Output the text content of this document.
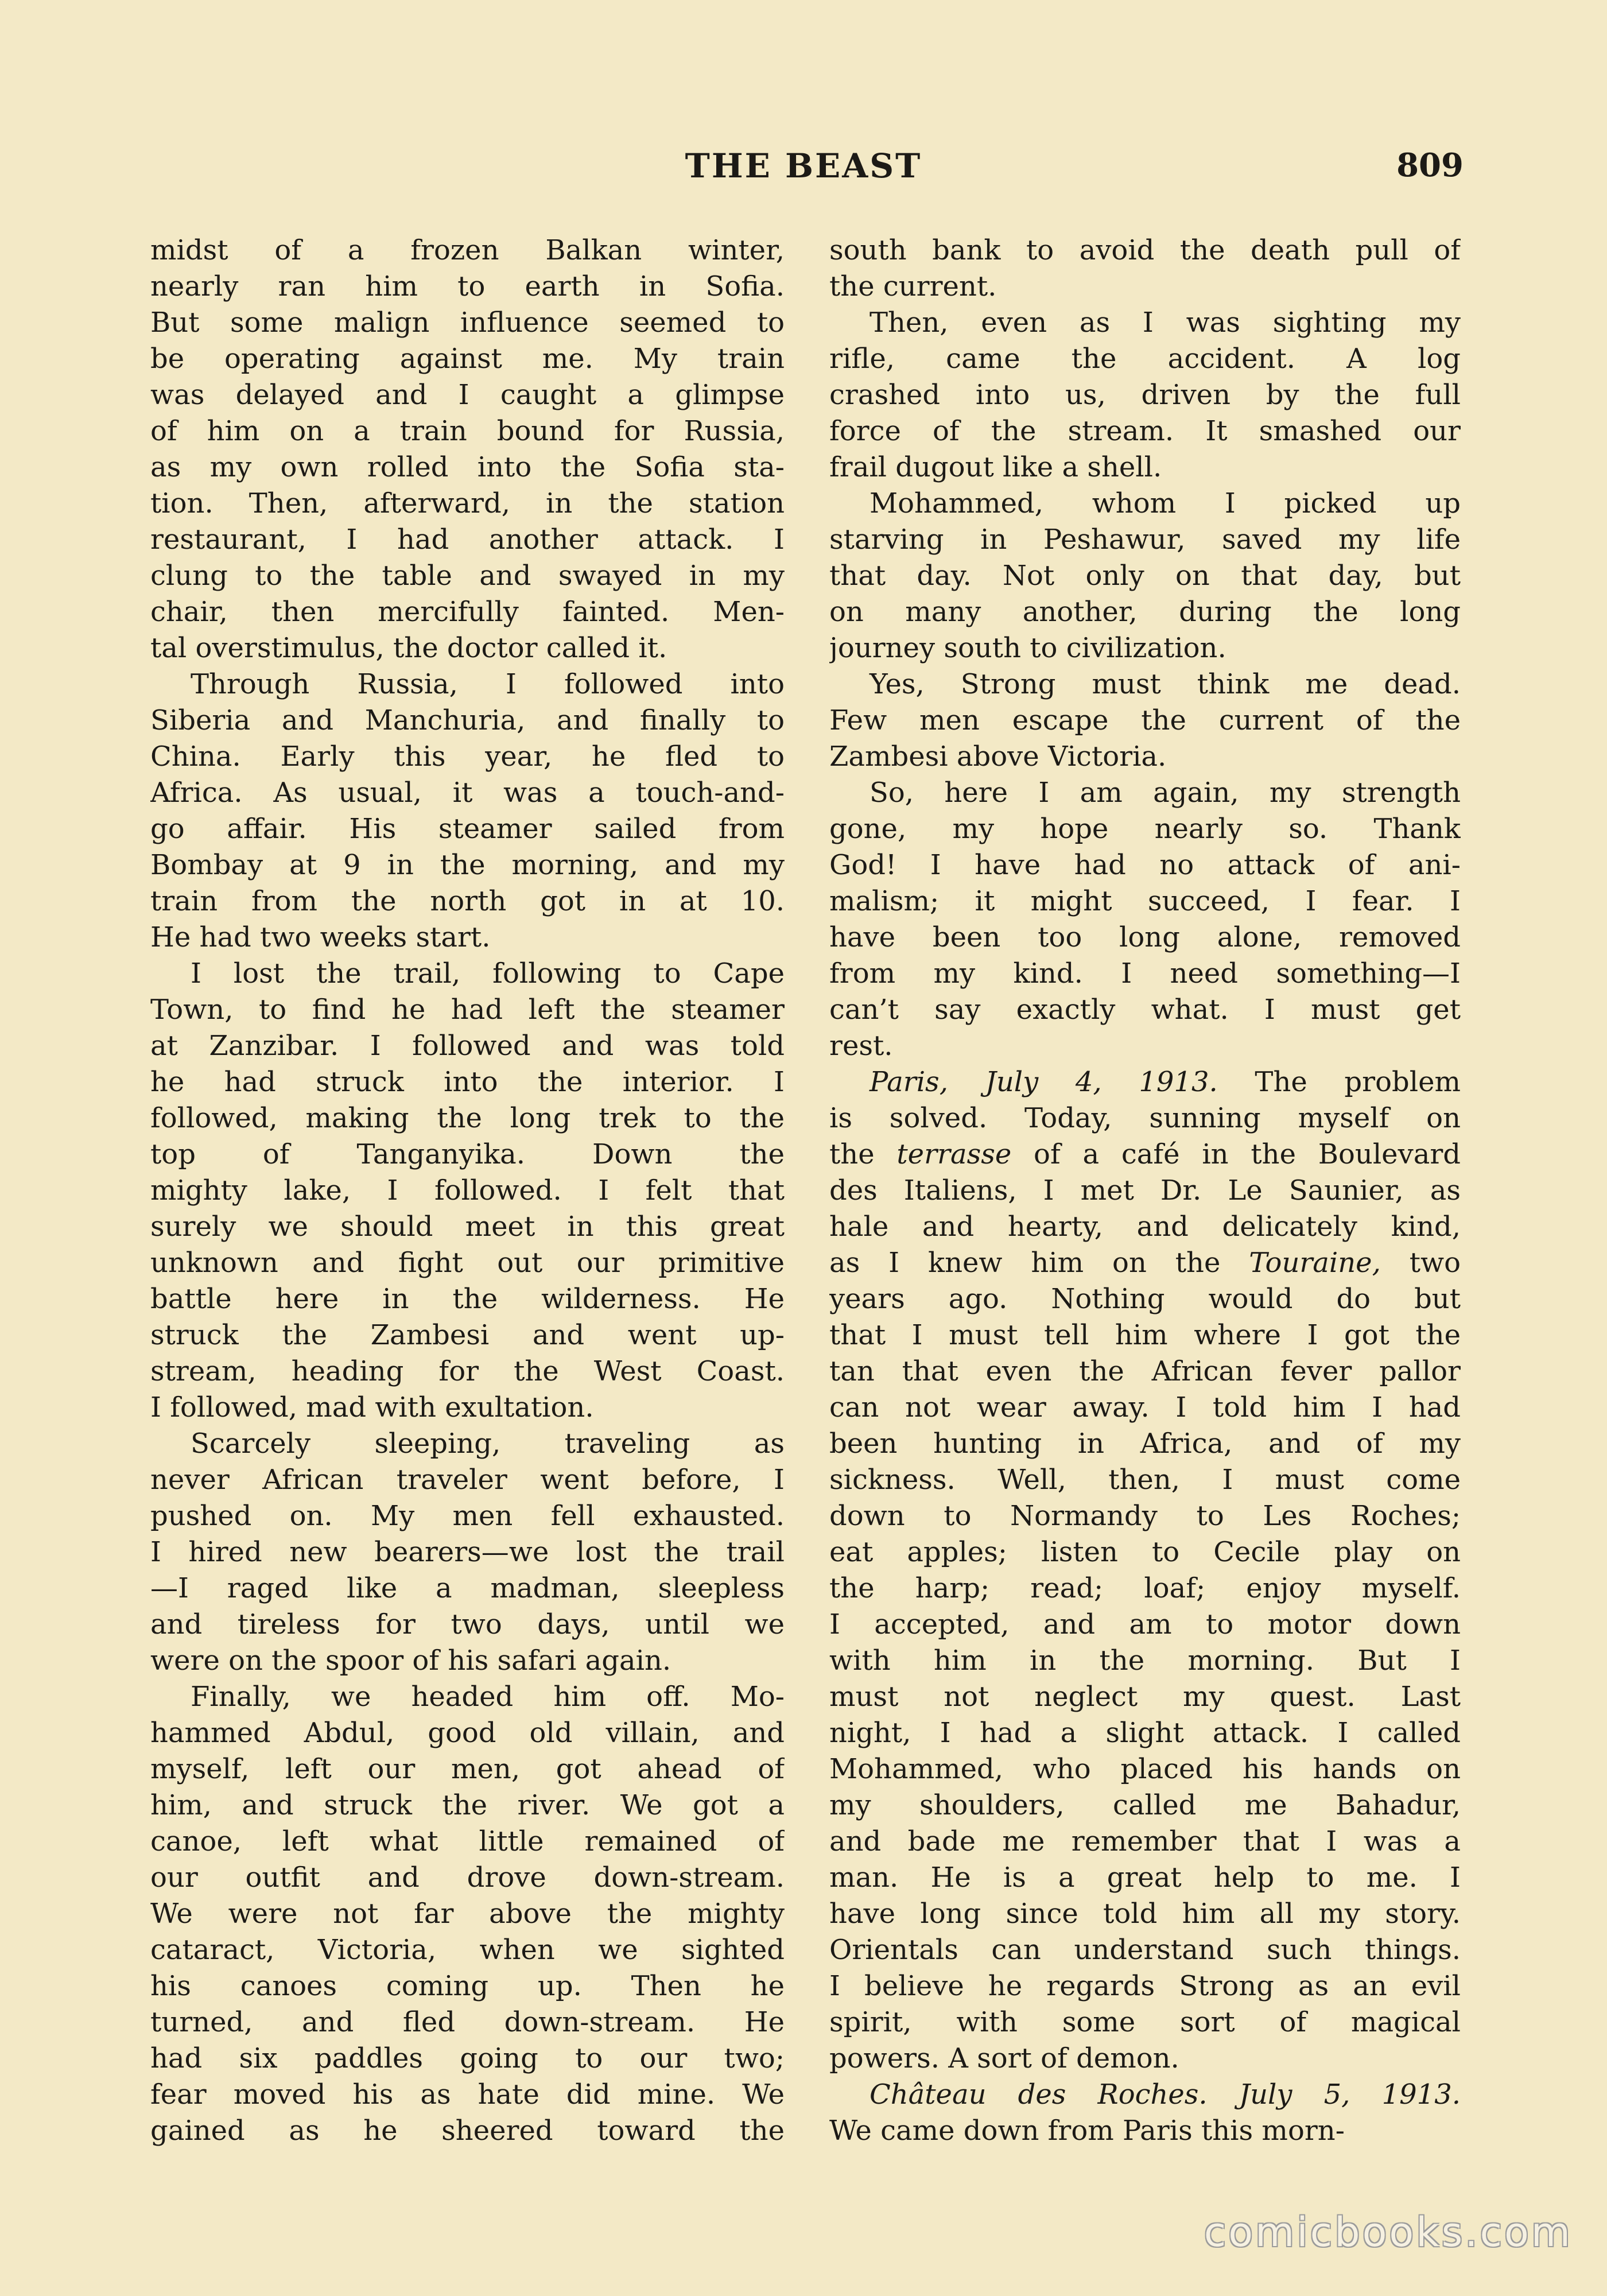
THE BEAST	809
midst of a frozen Balkan winter,
nearly ran him to earth in Sofia.
But some malign influence seemed to
be operating against me. My train
was delayed and I caught a glimpse
of him on a train bound for Russia,
as my own rolled into the Sofia sta-
tion. Then, afterward, in the station
restaurant, I had another attack. I
clung to the table and swayed in my
chair, then mercifully fainted. Men-
tal overstimulus, the doctor called it.
Through Russia, I followed into
Siberia and Manchuria, and finally to
China. Early this year, he fled to
Africa. As usual, it was a touch-and-
go affair. His steamer sailed from
Bombay at 9 in the morning, and my
train from the north got in at 10.
He had two weeks start.
I lost the trail, following to Cape
Town, to find he had left the steamer
at Zanzibar. I followed and was told
he had struck into the interior. I
followed, making the long trek to the
top of Tanganyika. Down the
mighty lake, I followed. I felt that
surely we should meet in this great
unknown and fight out our primitive
battle here in the wilderness. He
struck the Zambesi and went up-
stream, heading for the West Coast.
I followed, mad with exultation.
Scarcely sleeping, traveling as
never African traveler went before, I
pushed on. My men fell exhausted.
I hired new bearers—we lost the trail
—I raged like a madman, sleepless
and tireless for two days, until we
were on the spoor of his safari again.
Finally, we headed him off. Mo-
hammed Abdul, good old villain, and
myself, left our men, got ahead of
him, and struck the river. We got a
canoe, left what little remained of
our outfit and drove down-stream.
We were not far above the mighty
cataract, Victoria, when we sighted
his canoes coming up. Then he
turned, and fled down-stream. He
had six paddles going to our two;
fear moved his as hate did mine. We
gained as he sheered toward the
south bank to avoid the death pull of
the current.
Then, even as I was sighting my
rifle, came the accident. A log
crashed into us, driven by the full
force of the stream. It smashed our
frail dugout like a shell.
Mohammed, whom I picked up
starving in Peshawur, saved my life
that day. Not only on that day, but
on many another, during the long
journey south to civilization.
Yes, Strong must think me dead.
Few men escape the current of the
Zambesi above Victoria.
So, here I am again, my strength
gone, my hope nearly so. Thank
God! I have had no attack of ani-
malism; it might succeed, I fear. I
have been too long alone, removed
from my kind. I need something—I
can’t say exactly what. I must get
rest.
Paris, July 4, 1913. The problem
is solved. Today, sunning myself on
the terrasse of a café in the Boulevard
des Italiens, I met Dr. Le Saunier, as
hale and hearty, and delicately kind,
as I knew him on the Touraine, two
years ago. Nothing would do but
that I must tell him where I got the
tan that even the African fever pallor
can not wear away. I told him I had
been hunting in Africa, and of my
sickness. Well, then, I must come
down to Normandy to Les Roches;
eat apples; listen to Cecile play on
the harp; read; loaf; enjoy myself.
I accepted, and am to motor down
with him in the morning. But I
must not neglect my quest. Last
night, I had a slight attack. I called
Mohammed, who placed his hands on
my shoulders, called me Bahadur,
and bade me remember that I was a
man. He is a great help to me. I
have long since told him all my story.
Orientals can understand such things.
I believe he regards Strong as an evil
spirit, with some sort of magical
powers. A sort of demon.
Château des Roches. July 5, 1913.
We came down from Paris this morn-
comicbooks.com
